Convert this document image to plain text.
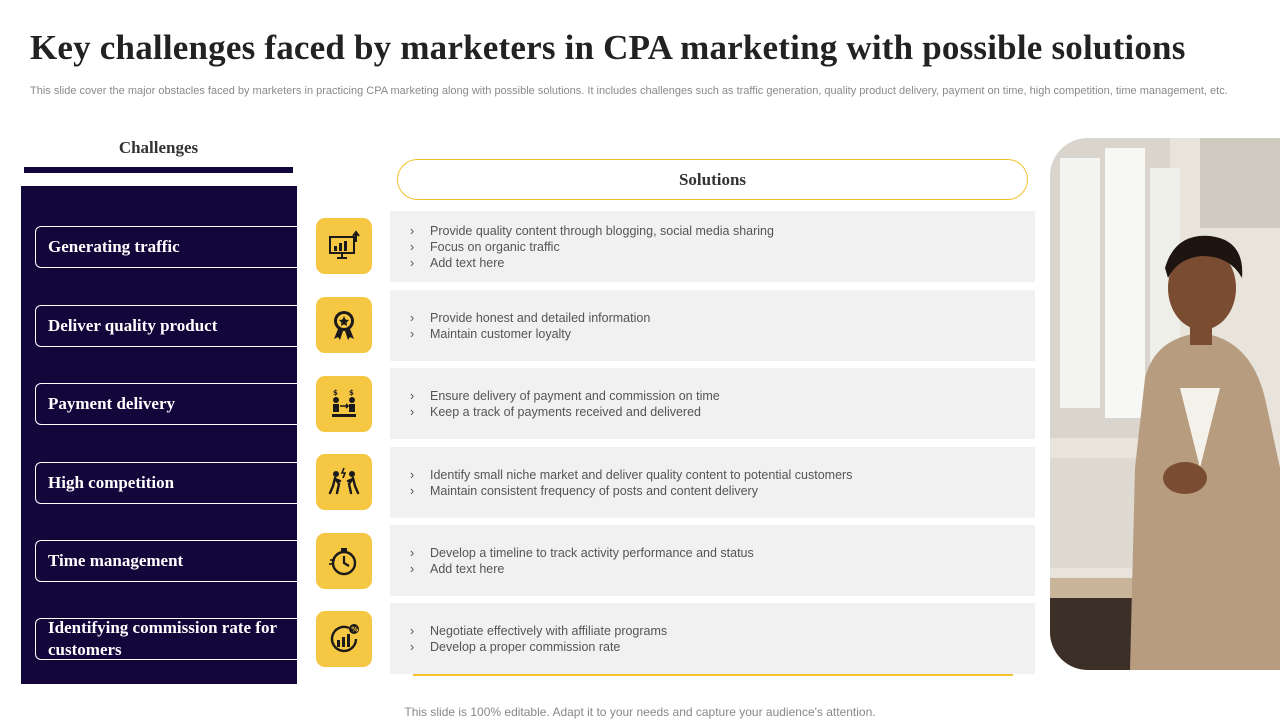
Key challenges faced by marketers in CPA marketing with possible solutions
This slide cover the major obstacles faced by marketers in practicing CPA marketing along with possible solutions. It includes challenges such as traffic generation, quality product delivery, payment on time, high competition, time management, etc.
Challenges
Generating traffic
Deliver quality product
Payment delivery
High competition
Time management
Identifying commission rate for customers
Solutions
$ $
%
› Provide quality content through blogging, social media sharing
› Focus on organic traffic
› Add text here
› Provide honest and detailed information
› Maintain customer loyalty
› Ensure delivery of payment and commission on time
› Keep a track of payments received and delivered
› Identify small niche market and deliver quality content to potential customers
› Maintain consistent frequency of posts and content delivery
› Develop a timeline to track activity performance and status
› Add text here
› Negotiate effectively with affiliate programs
› Develop a proper commission rate
This slide is 100% editable. Adapt it to your needs and capture your audience's attention.
